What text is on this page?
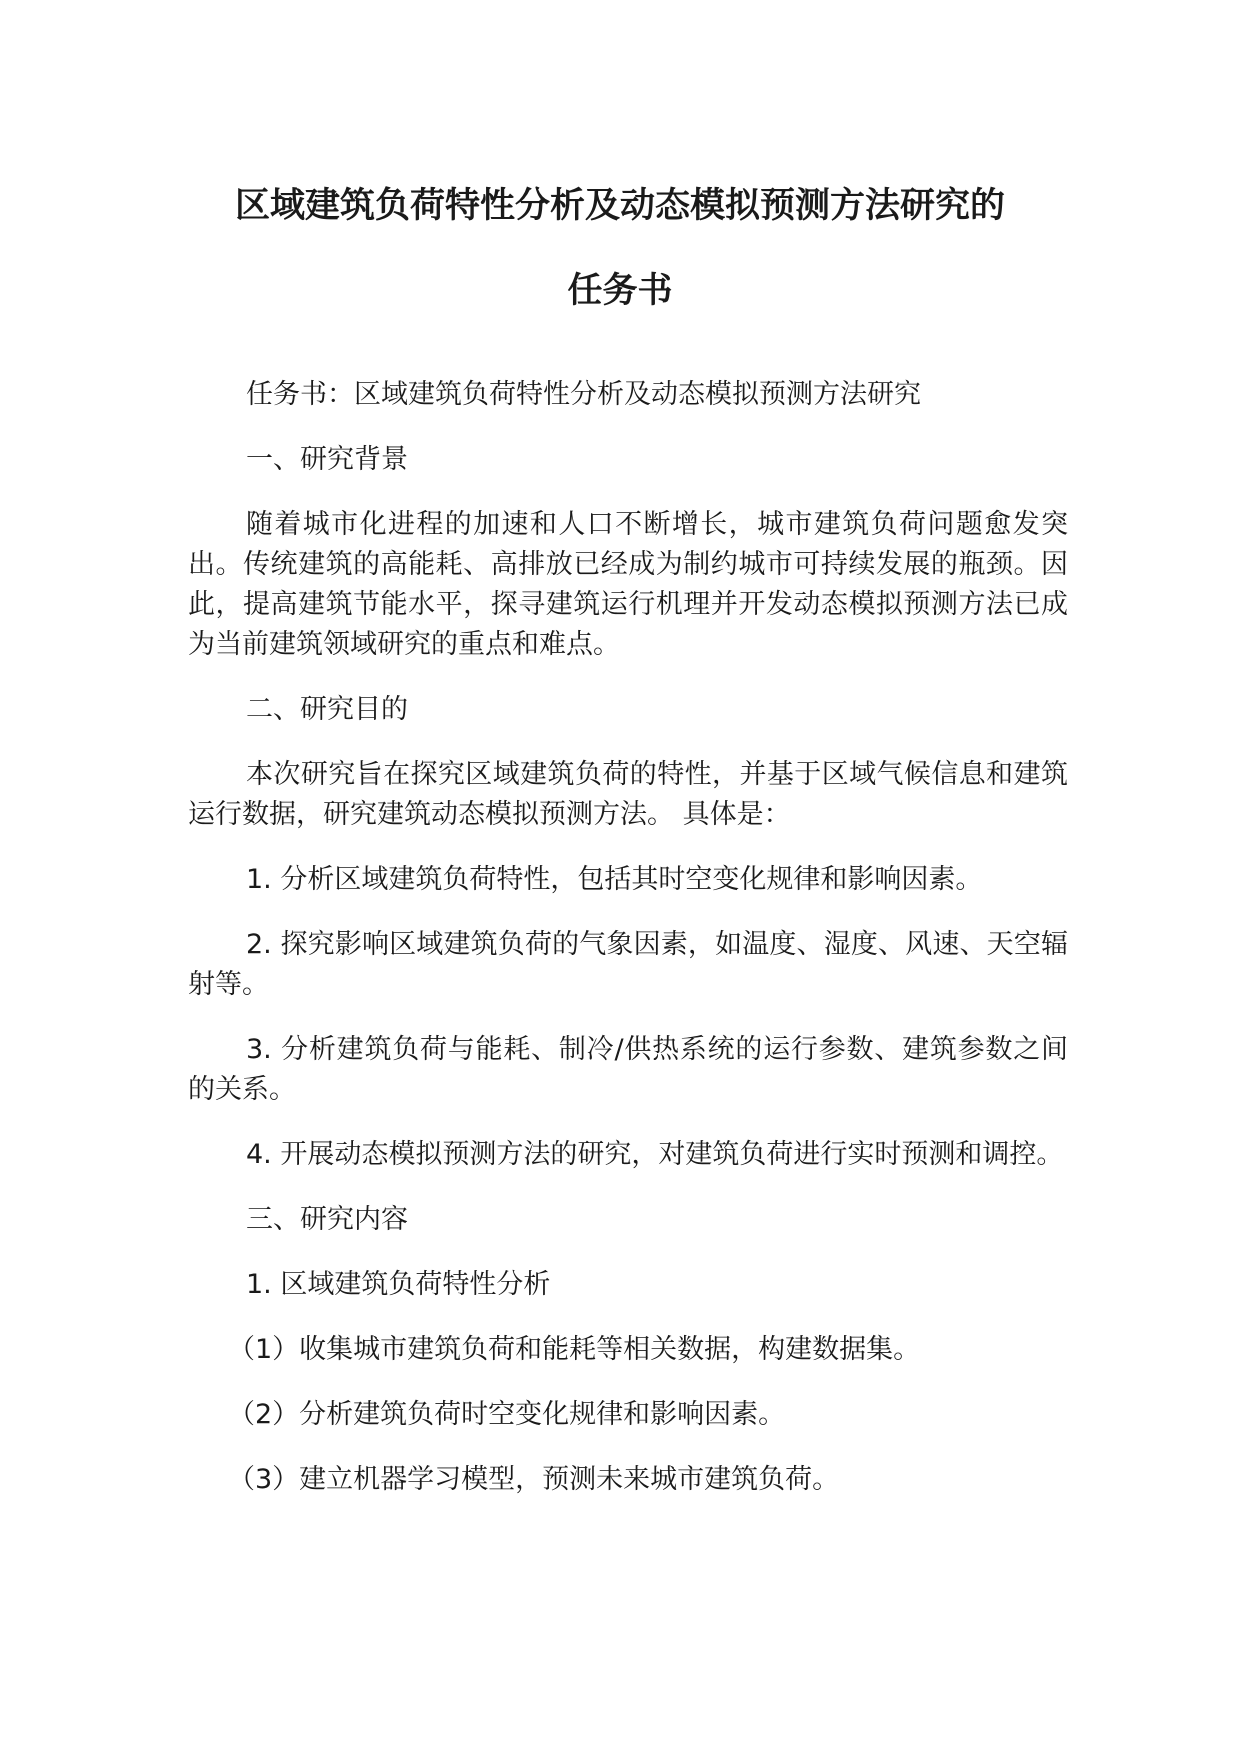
区域建筑负荷特性分析及动态模拟预测方法研究的
任务书

任务书：区域建筑负荷特性分析及动态模拟预测方法研究

一、研究背景

随着城市化进程的加速和人口不断增长，城市建筑负荷问题愈发突出。传统建筑的高能耗、高排放已经成为制约城市可持续发展的瓶颈。因此，提高建筑节能水平，探寻建筑运行机理并开发动态模拟预测方法已成为当前建筑领域研究的重点和难点。

二、研究目的

本次研究旨在探究区域建筑负荷的特性，并基于区域气候信息和建筑运行数据，研究建筑动态模拟预测方法。 具体是：

1. 分析区域建筑负荷特性，包括其时空变化规律和影响因素。

2. 探究影响区域建筑负荷的气象因素，如温度、湿度、风速、天空辐射等。

3. 分析建筑负荷与能耗、制冷/供热系统的运行参数、建筑参数之间的关系。

4. 开展动态模拟预测方法的研究，对建筑负荷进行实时预测和调控。

三、研究内容

1. 区域建筑负荷特性分析

（1）收集城市建筑负荷和能耗等相关数据，构建数据集。

（2）分析建筑负荷时空变化规律和影响因素。

（3）建立机器学习模型，预测未来城市建筑负荷。
